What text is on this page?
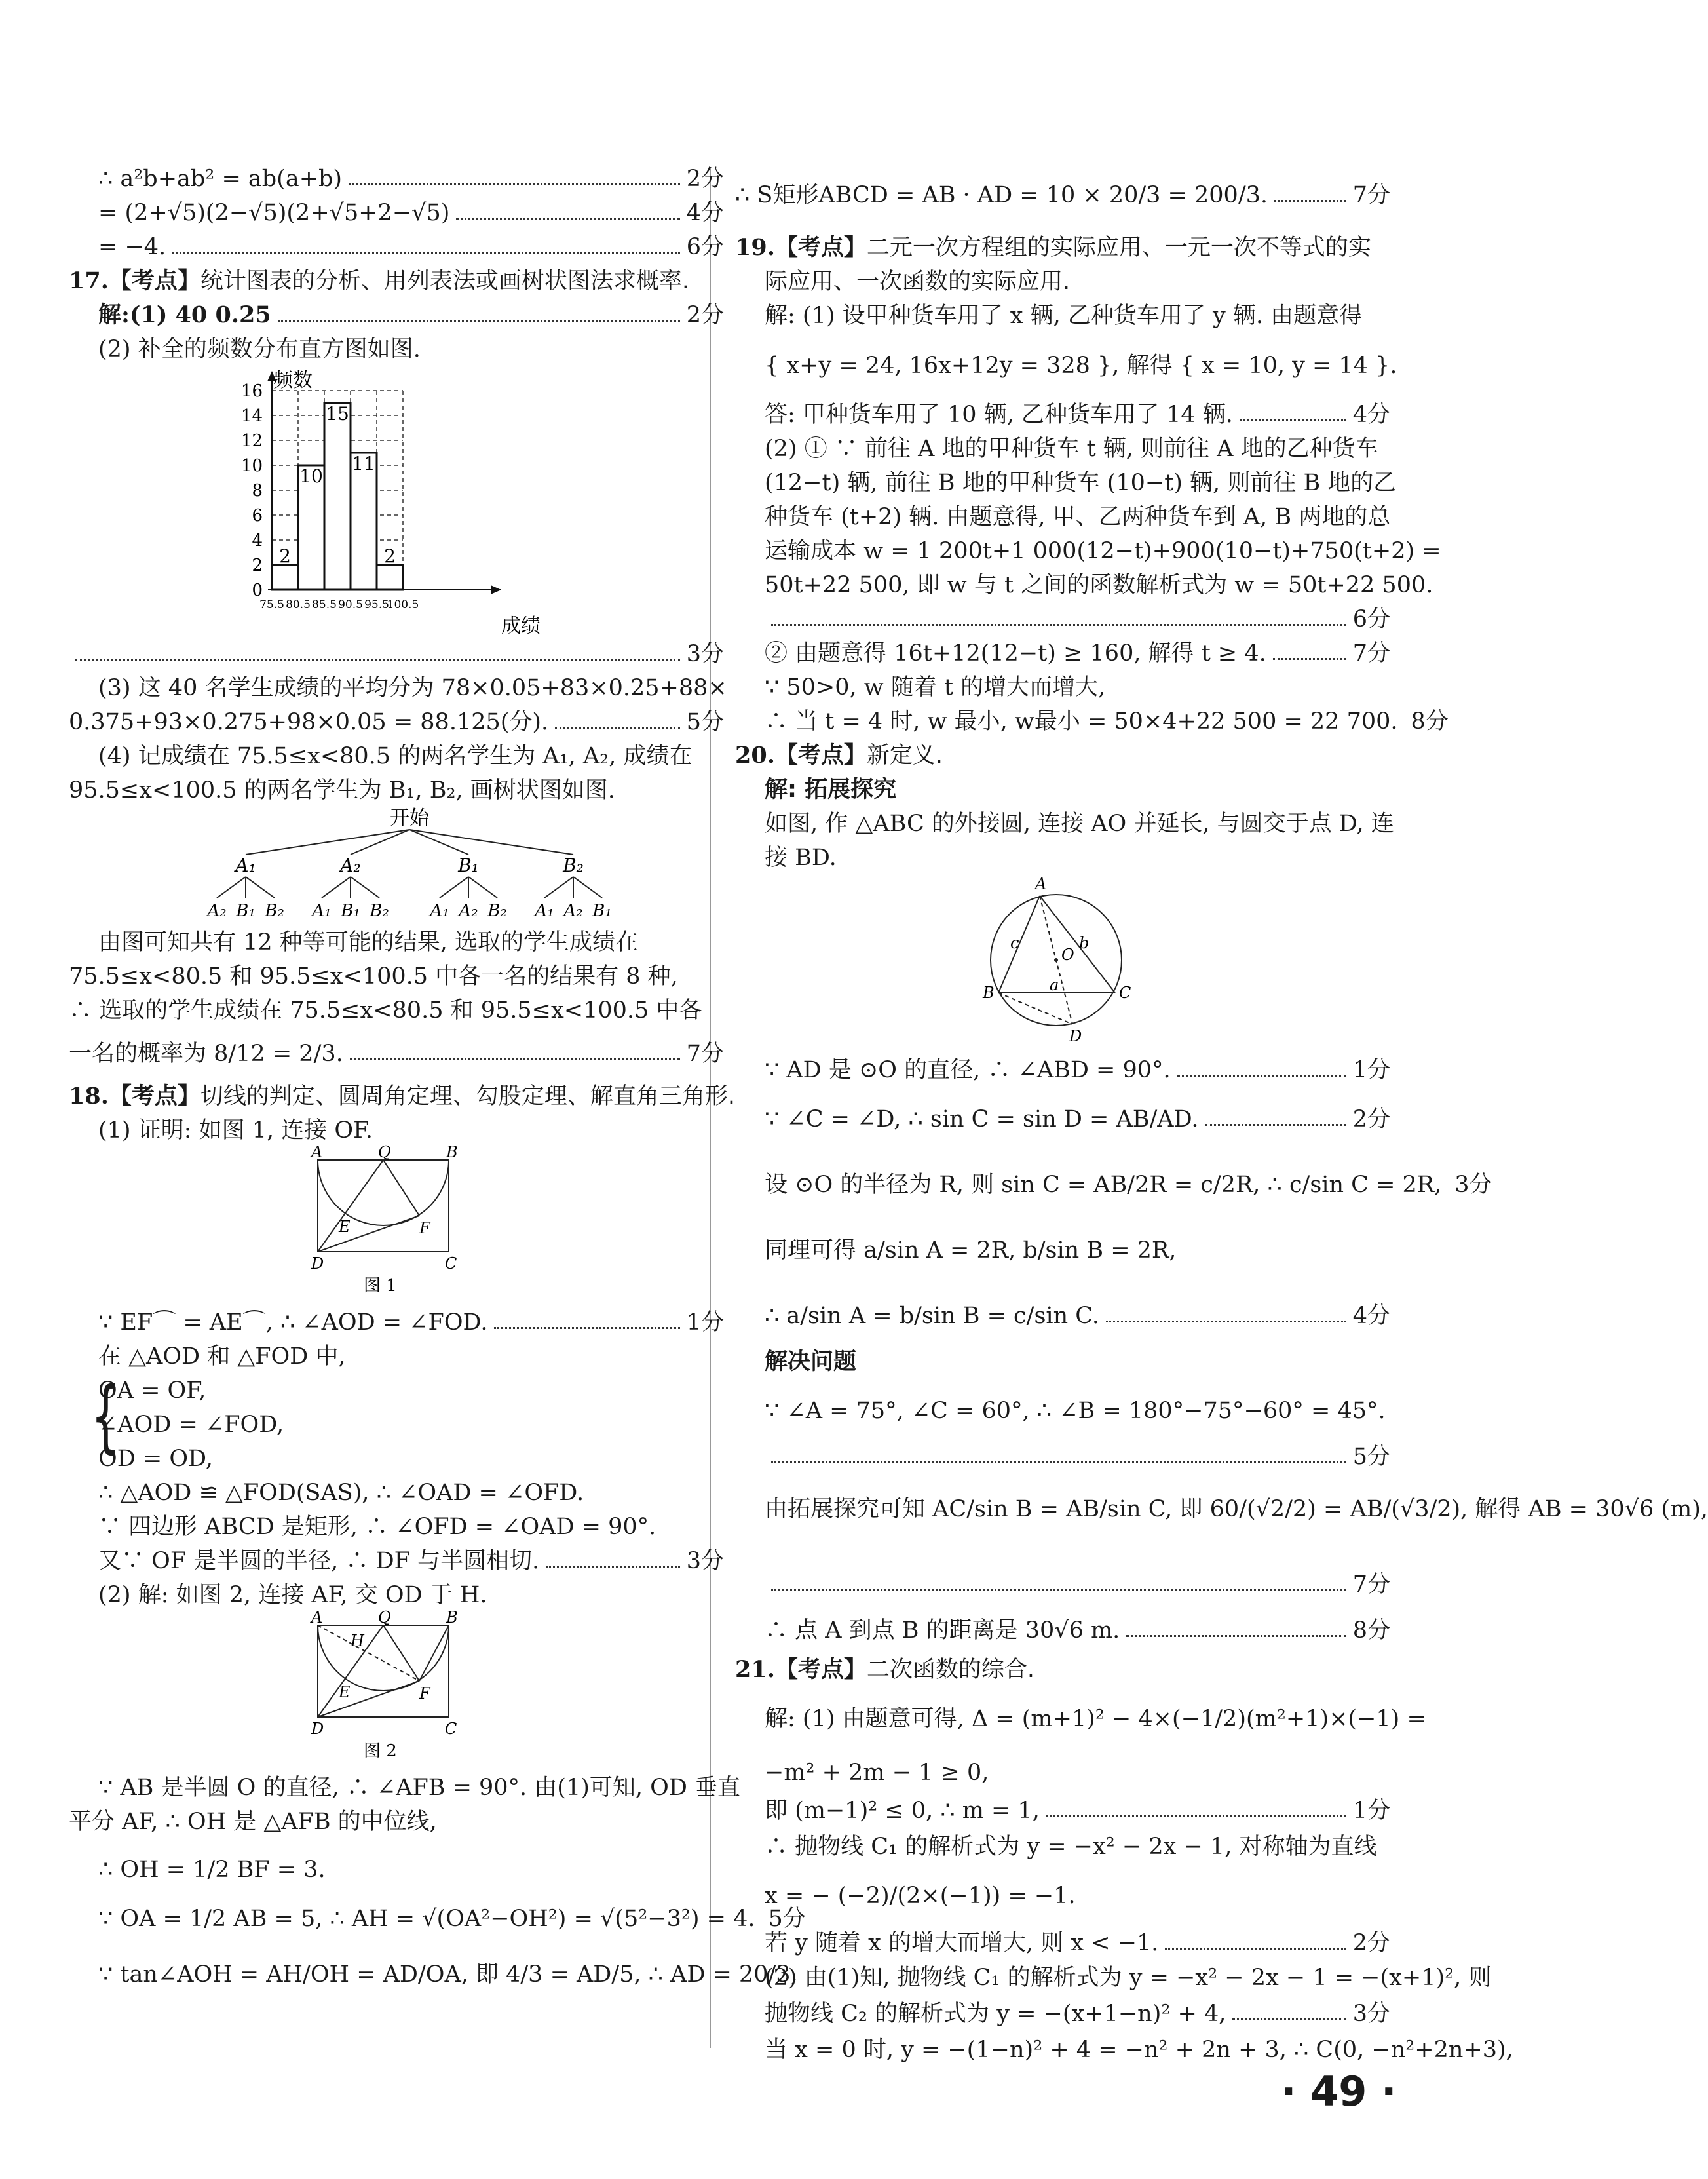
∴ a²b+ab² = ab(a+b)	2分
= (2+√5)(2−√5)(2+√5+2−√5)	4分
= −4.	6分
17.【考点】统计图表的分析、用列表法或画树状图法求概率.
解:(1) 40 0.25	2分
(2) 补全的频数分布直方图如图.
2
10
15
11
2
0
2
4
6
8
10
12
14
16
75.5 80.5 85.5 90.5 95.5
100.5
频数
成绩
3分
(3) 这 40 名学生成绩的平均分为 78×0.05+83×0.25+88×
0.375+93×0.275+98×0.05 = 88.125(分).	5分
(4) 记成绩在 75.5≤x<80.5 的两名学生为 A₁, A₂, 成绩在
95.5≤x<100.5 的两名学生为 B₁, B₂, 画树状图如图.
开始
A₁
A₂ B₁ B₂
A₂
A₁ B₁ B₂
B₁
A₁ A₂ B₂
B₂
A₁ A₂ B₁
由图可知共有 12 种等可能的结果, 选取的学生成绩在
75.5≤x<80.5 和 95.5≤x<100.5 中各一名的结果有 8 种,
∴ 选取的学生成绩在 75.5≤x<80.5 和 95.5≤x<100.5 中各
一名的概率为 8/12 = 2/3.	7分
18.【考点】切线的判定、圆周角定理、勾股定理、解直角三角形.
(1) 证明: 如图 1, 连接 OF.
A	Q	B
E	F
D	C
图 1
∵ EF⌒ = AE⌒, ∴ ∠AOD = ∠FOD.	1分
在 △AOD 和 △FOD 中,
OA = OF,
∠AOD = ∠FOD,
OD = OD,
{
∴ △AOD ≌ △FOD(SAS), ∴ ∠OAD = ∠OFD.
∵ 四边形 ABCD 是矩形, ∴ ∠OFD = ∠OAD = 90°.
又∵ OF 是半圆的半径, ∴ DF 与半圆相切.	3分
(2) 解: 如图 2, 连接 AF, 交 OD 于 H.
A	Q	B
H
E	F
D	C
图 2
∵ AB 是半圆 O 的直径, ∴ ∠AFB = 90°. 由(1)可知, OD 垂直
平分 AF, ∴ OH 是 △AFB 的中位线,
∴ OH = 1/2 BF = 3.
∵ OA = 1/2 AB = 5, ∴ AH = √(OA²−OH²) = √(5²−3²) = 4. 5分
∵ tan∠AOH = AH/OH = AD/OA, 即 4/3 = AD/5, ∴ AD = 20/3,
∴ S矩形ABCD = AB · AD = 10 × 20/3 = 200/3.	7分
19.【考点】二元一次方程组的实际应用、一元一次不等式的实
际应用、一次函数的实际应用.
解: (1) 设甲种货车用了 x 辆, 乙种货车用了 y 辆. 由题意得
{ x+y = 24, 16x+12y = 328 }, 解得 { x = 10, y = 14 }.
答: 甲种货车用了 10 辆, 乙种货车用了 14 辆.	4分
(2) ① ∵ 前往 A 地的甲种货车 t 辆, 则前往 A 地的乙种货车
(12−t) 辆, 前往 B 地的甲种货车 (10−t) 辆, 则前往 B 地的乙
种货车 (t+2) 辆. 由题意得, 甲、乙两种货车到 A, B 两地的总
运输成本 w = 1 200t+1 000(12−t)+900(10−t)+750(t+2) =
50t+22 500, 即 w 与 t 之间的函数解析式为 w = 50t+22 500.
6分
② 由题意得 16t+12(12−t) ≥ 160, 解得 t ≥ 4.	7分
∵ 50>0, w 随着 t 的增大而增大,
∴ 当 t = 4 时, w 最小, w最小 = 50×4+22 500 = 22 700. 8分
20.【考点】新定义.
解: 拓展探究
如图, 作 △ABC 的外接圆, 连接 AO 并延长, 与圆交于点 D, 连
接 BD.
A
O
c	b
B	a	C
D
∵ AD 是 ⊙O 的直径, ∴ ∠ABD = 90°.	1分
∵ ∠C = ∠D, ∴ sin C = sin D = AB/AD.	2分
设 ⊙O 的半径为 R, 则 sin C = AB/2R = c/2R, ∴ c/sin C = 2R, 3分
同理可得 a/sin A = 2R, b/sin B = 2R,
∴ a/sin A = b/sin B = c/sin C.	4分
解决问题
∵ ∠A = 75°, ∠C = 60°, ∴ ∠B = 180°−75°−60° = 45°.
5分
由拓展探究可知 AC/sin B = AB/sin C, 即 60/(√2/2) = AB/(√3/2), 解得 AB = 30√6 (m),
7分
∴ 点 A 到点 B 的距离是 30√6 m.	8分
21.【考点】二次函数的综合.
解: (1) 由题意可得, Δ = (m+1)² − 4×(−1/2)(m²+1)×(−1) =
−m² + 2m − 1 ≥ 0,
即 (m−1)² ≤ 0, ∴ m = 1,	1分
∴ 抛物线 C₁ 的解析式为 y = −x² − 2x − 1, 对称轴为直线
x = − (−2)/(2×(−1)) = −1.
若 y 随着 x 的增大而增大, 则 x < −1.	2分
(2) 由(1)知, 抛物线 C₁ 的解析式为 y = −x² − 2x − 1 = −(x+1)², 则
抛物线 C₂ 的解析式为 y = −(x+1−n)² + 4,	3分
当 x = 0 时, y = −(1−n)² + 4 = −n² + 2n + 3, ∴ C(0, −n²+2n+3),
· 49 ·
